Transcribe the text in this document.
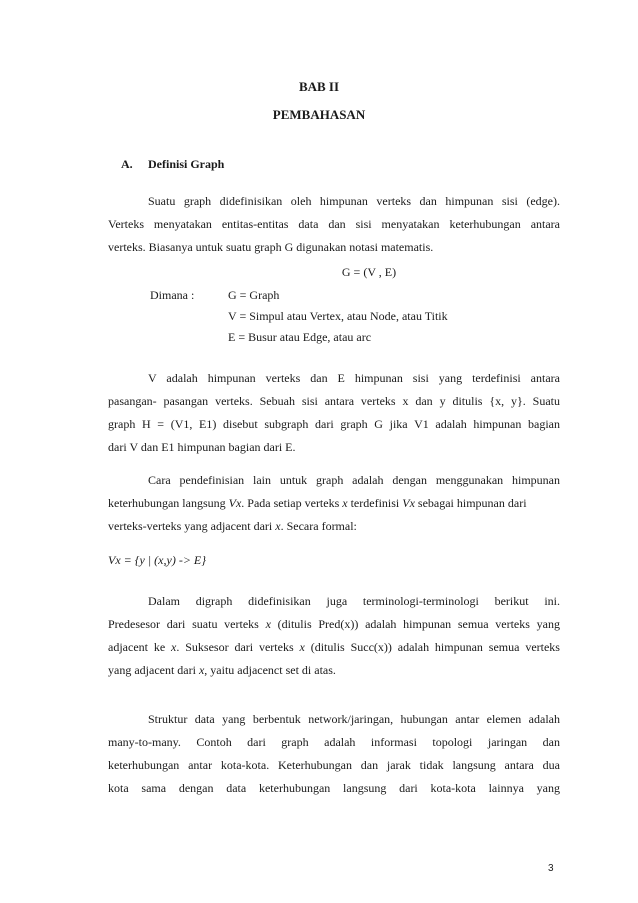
BAB II
PEMBAHASAN
A. Definisi Graph
Suatu graph didefinisikan oleh himpunan verteks dan himpunan sisi (edge).
Verteks menyatakan entitas-entitas data dan sisi menyatakan keterhubungan antara
verteks. Biasanya untuk suatu graph G digunakan notasi matematis.
G = (V , E)
Dimana :	G = Graph
V = Simpul atau Vertex, atau Node, atau Titik
E = Busur atau Edge, atau arc
V adalah himpunan verteks dan E himpunan sisi yang terdefinisi antara
pasangan- pasangan verteks. Sebuah sisi antara verteks x dan y ditulis {x, y}. Suatu
graph H = (V1, E1) disebut subgraph dari graph G jika V1 adalah himpunan bagian
dari V dan E1 himpunan bagian dari E.
Cara pendefinisian lain untuk graph adalah dengan menggunakan himpunan
keterhubungan langsung Vx. Pada setiap verteks x terdefinisi Vx sebagai himpunan dari
verteks-verteks yang adjacent dari x. Secara formal:
Vx = {y | (x,y) -> E}
Dalam digraph didefinisikan juga terminologi-terminologi berikut ini.
Predesesor dari suatu verteks x (ditulis Pred(x)) adalah himpunan semua verteks yang
adjacent ke x. Suksesor dari verteks x (ditulis Succ(x)) adalah himpunan semua verteks
yang adjacent dari x, yaitu adjacenct set di atas.
Struktur data yang berbentuk network/jaringan, hubungan antar elemen adalah
many-to-many. Contoh dari graph adalah informasi topologi jaringan dan
keterhubungan antar kota-kota. Keterhubungan dan jarak tidak langsung antara dua
kota sama dengan data keterhubungan langsung dari kota-kota lainnya yang
3
